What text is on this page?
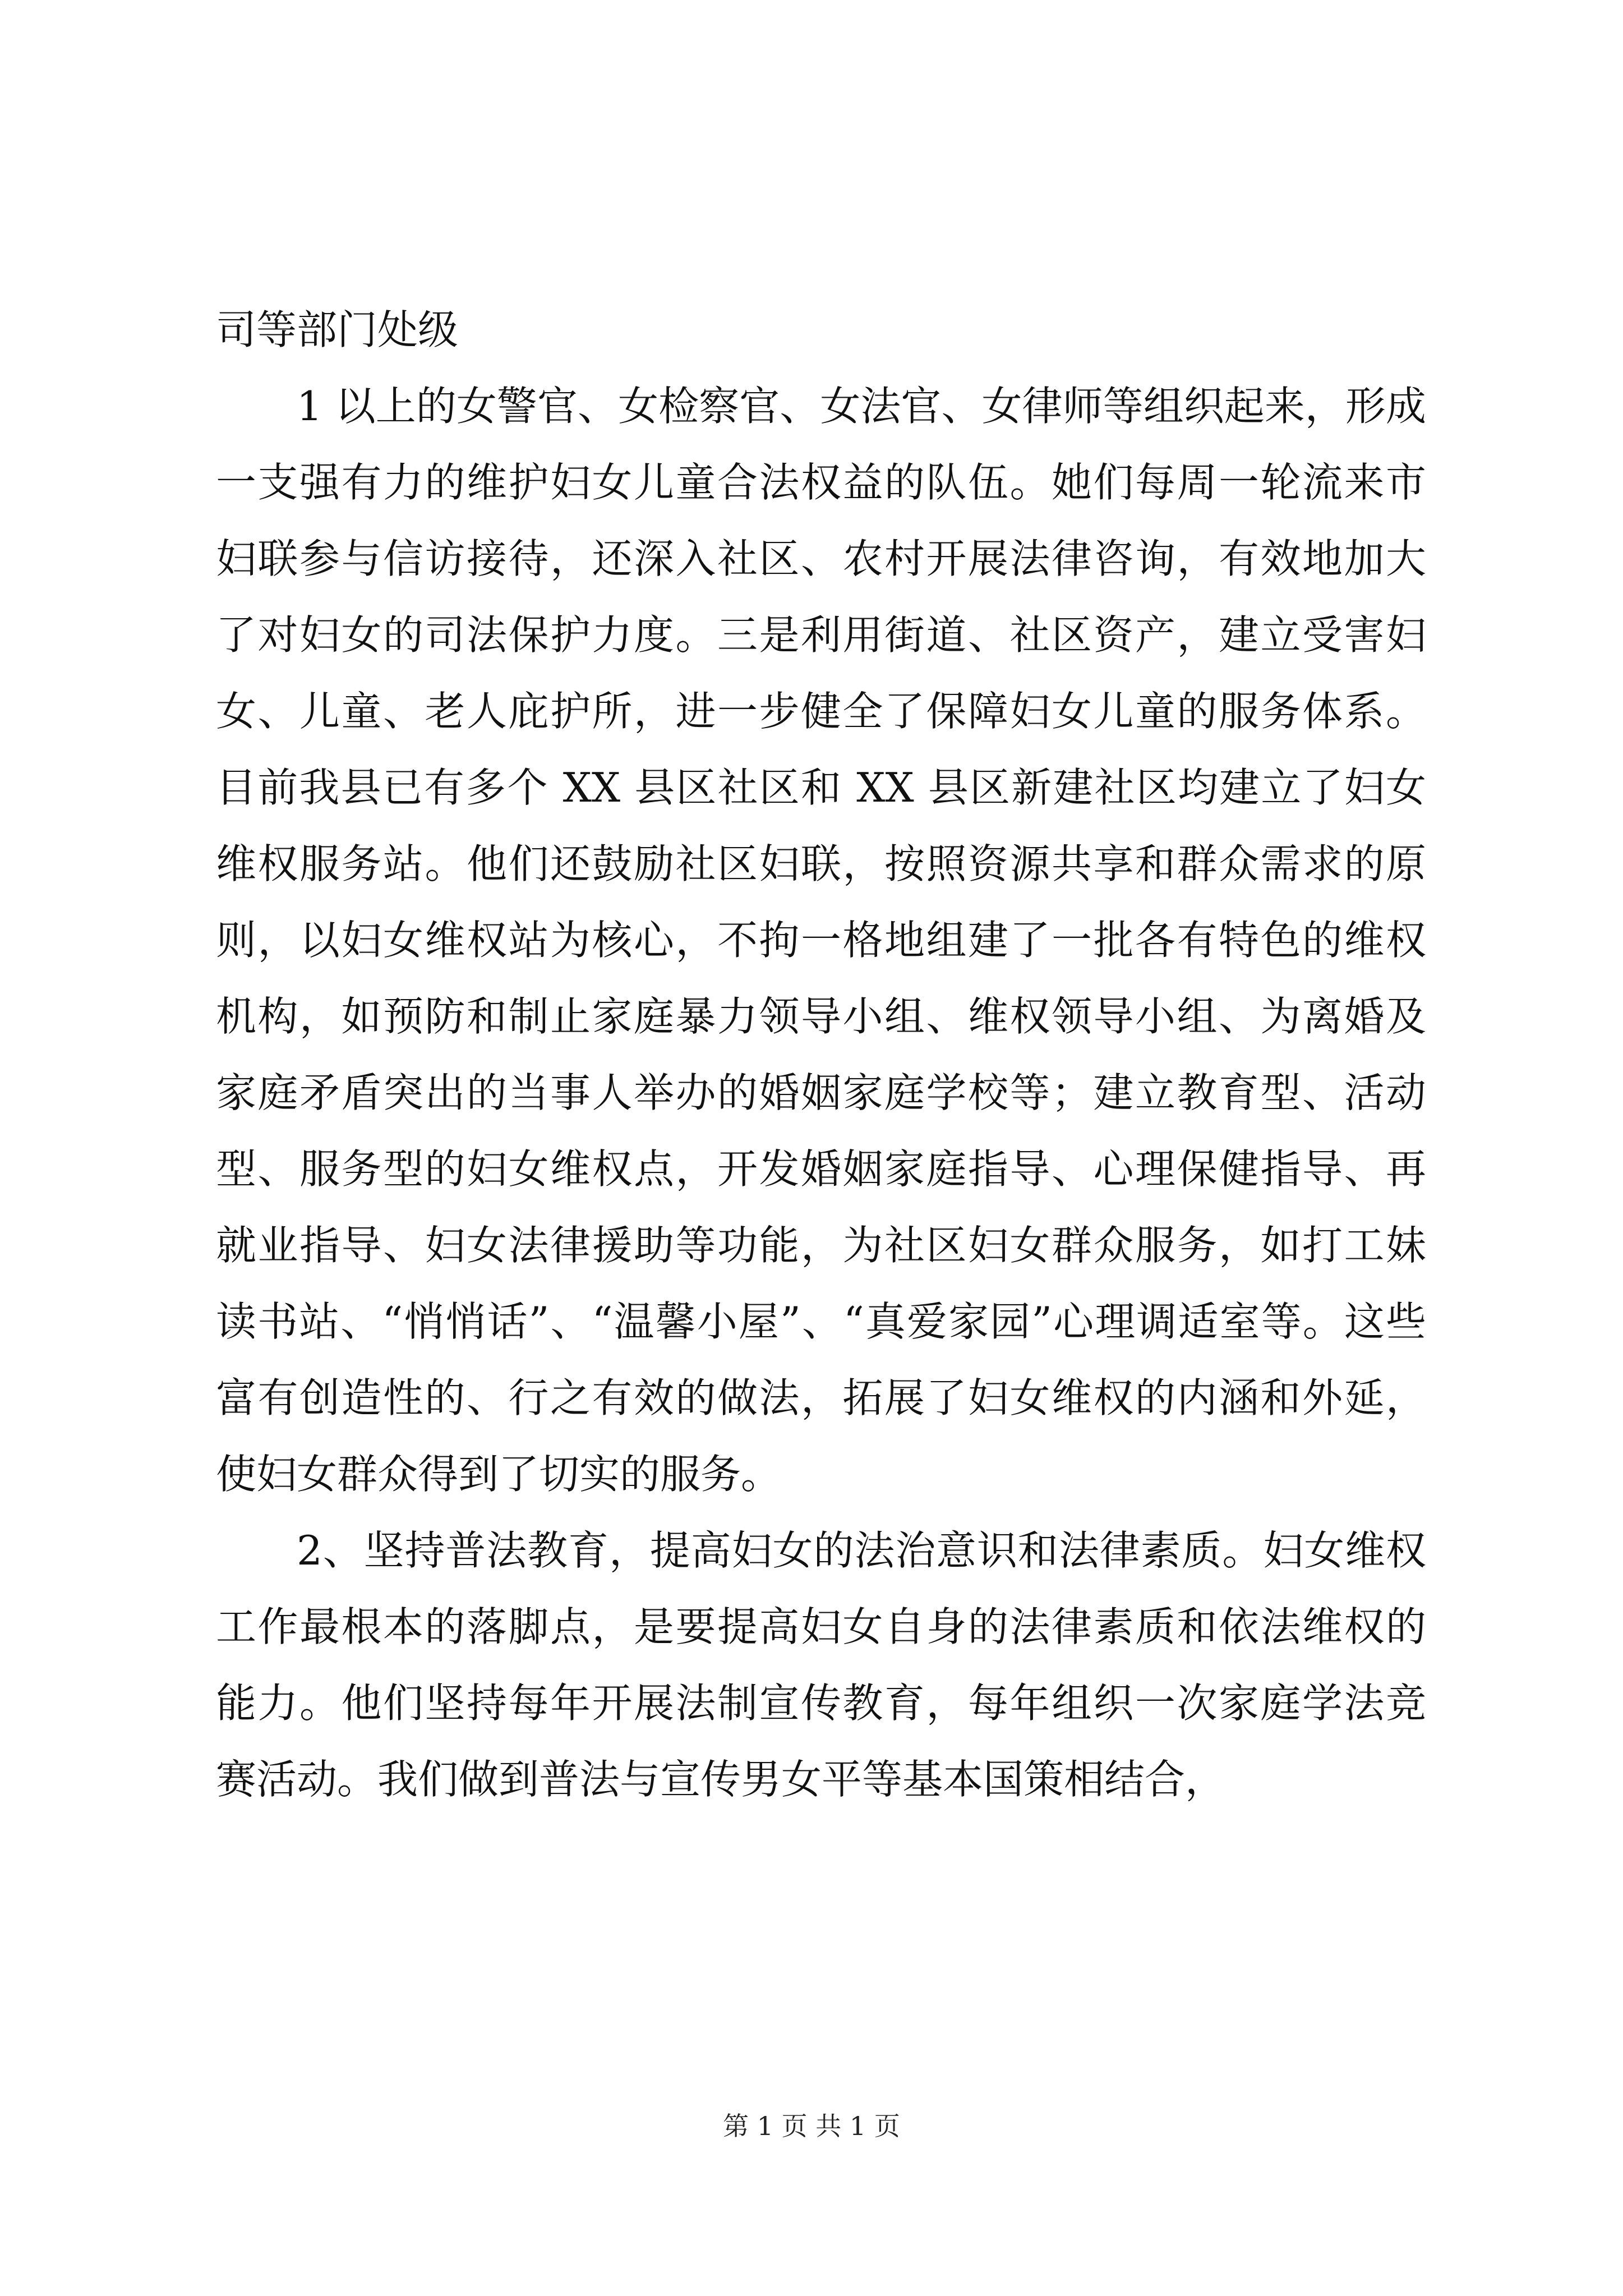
司等部门处级

1 以上的女警官、女检察官、女法官、女律师等组织起来，形成一支强有力的维护妇女儿童合法权益的队伍。她们每周一轮流来市妇联参与信访接待，还深入社区、农村开展法律咨询，有效地加大了对妇女的司法保护力度。三是利用街道、社区资产，建立受害妇女、儿童、老人庇护所，进一步健全了保障妇女儿童的服务体系。目前我县已有多个 XX 县区社区和 XX 县区新建社区均建立了妇女维权服务站。他们还鼓励社区妇联，按照资源共享和群众需求的原则，以妇女维权站为核心，不拘一格地组建了一批各有特色的维权机构，如预防和制止家庭暴力领导小组、维权领导小组、为离婚及家庭矛盾突出的当事人举办的婚姻家庭学校等；建立教育型、活动型、服务型的妇女维权点，开发婚姻家庭指导、心理保健指导、再就业指导、妇女法律援助等功能，为社区妇女群众服务，如打工妹读书站、“悄悄话”、“温馨小屋”、“真爱家园”心理调适室等。这些富有创造性的、行之有效的做法，拓展了妇女维权的内涵和外延，使妇女群众得到了切实的服务。

2、坚持普法教育，提高妇女的法治意识和法律素质。妇女维权工作最根本的落脚点，是要提高妇女自身的法律素质和依法维权的能力。他们坚持每年开展法制宣传教育，每年组织一次家庭学法竞赛活动。我们做到普法与宣传男女平等基本国策相结合，

第 1 页 共 1 页
